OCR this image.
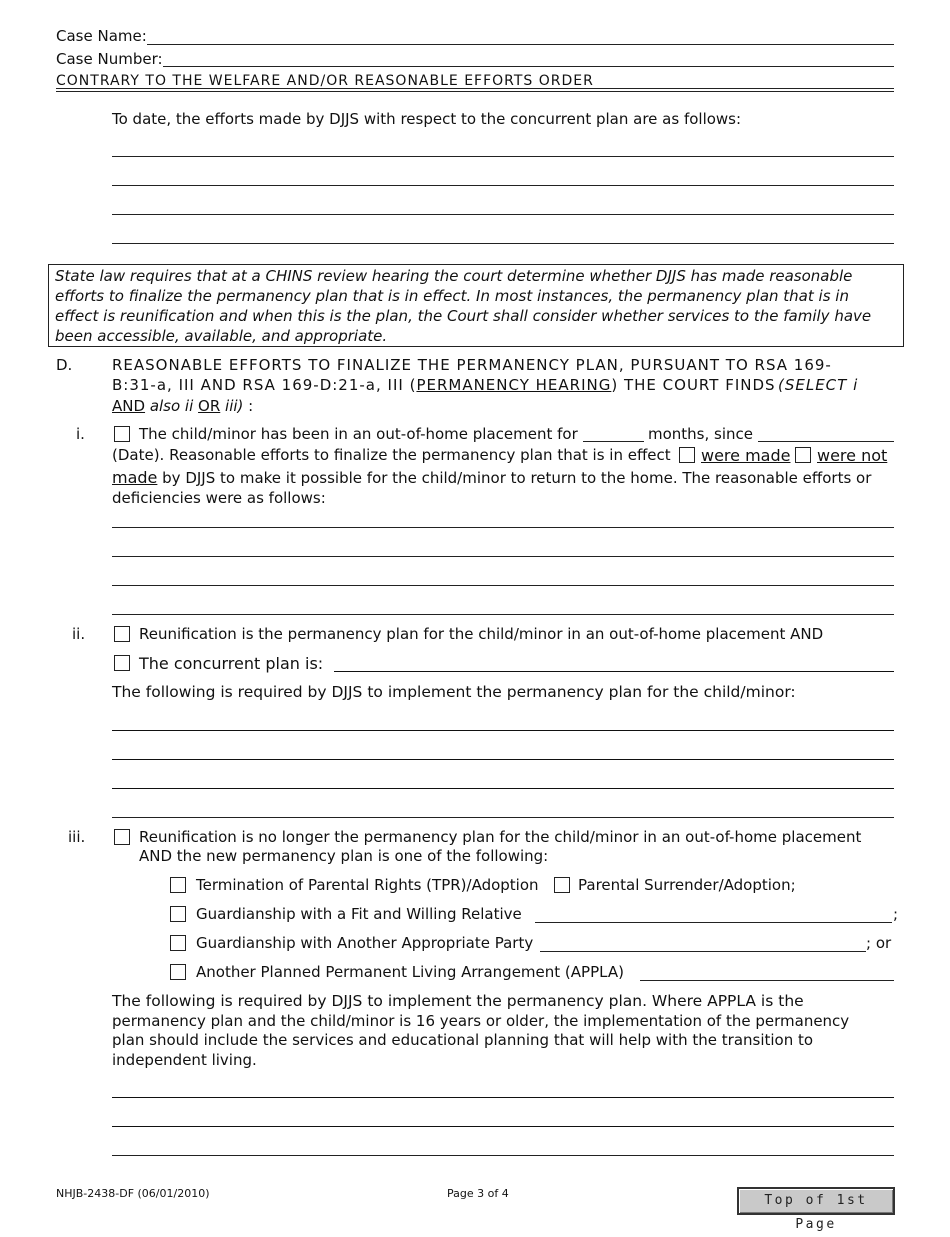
Case Name:
Case Number:
CONTRARY TO THE WELFARE AND/OR REASONABLE EFFORTS ORDER
To date, the efforts made by DJJS with respect to the concurrent plan are as follows:
State law requires that at a CHINS review hearing the court determine whether DJJS has made reasonable efforts to finalize the permanency plan that is in effect. In most instances, the permanency plan that is in effect is reunification and when this is the plan, the Court shall consider whether services to the family have been accessible, available, and appropriate.
D.	REASONABLE EFFORTS TO FINALIZE THE PERMANENCY PLAN, PURSUANT TO RSA 169-
B:31-a, III AND RSA 169-D:21-a, III (PERMANENCY HEARING) THE COURT FINDS (SELECT i
AND also ii OR iii) :
i.	The child/minor has been in an out-of-home placement for	months, since
(Date). Reasonable efforts to finalize the permanency plan that is in effect were made were not
made by DJJS to make it possible for the child/minor to return to the home. The reasonable efforts or
deficiencies were as follows:
ii.	Reunification is the permanency plan for the child/minor in an out-of-home placement AND
The concurrent plan is:
The following is required by DJJS to implement the permanency plan for the child/minor:
iii.	Reunification is no longer the permanency plan for the child/minor in an out-of-home placement
AND the new permanency plan is one of the following:
Termination of Parental Rights (TPR)/Adoption	Parental Surrender/Adoption;
Guardianship with a Fit and Willing Relative	;
Guardianship with Another Appropriate Party	; or
Another Planned Permanent Living Arrangement (APPLA)
The following is required by DJJS to implement the permanency plan. Where APPLA is the
permanency plan and the child/minor is 16 years or older, the implementation of the permanency
plan should include the services and educational planning that will help with the transition to
independent living.
NHJB-2438-DF (06/01/2010)	Page 3 of 4	Top of 1st Page
